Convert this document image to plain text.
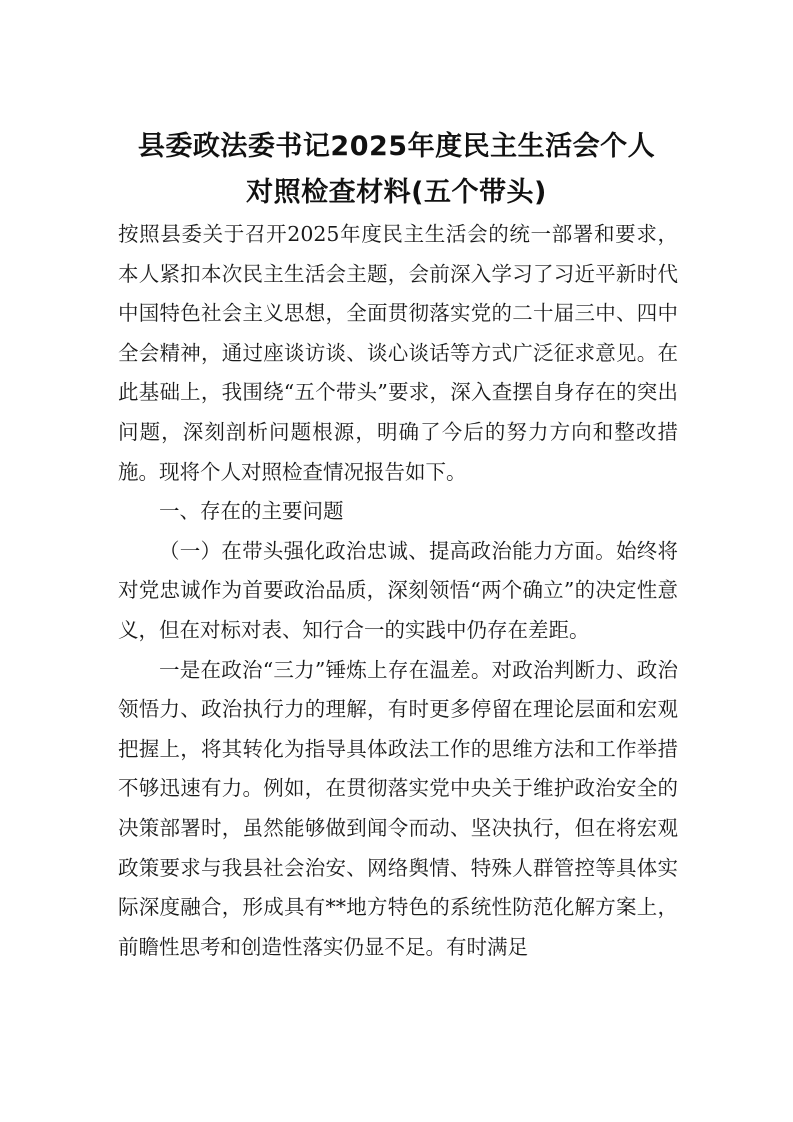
县委政法委书记2025年度民主生活会个人
对照检查材料(五个带头)

按照县委关于召开2025年度民主生活会的统一部署和要求，本人紧扣本次民主生活会主题，会前深入学习了习近平新时代中国特色社会主义思想，全面贯彻落实党的二十届三中、四中全会精神，通过座谈访谈、谈心谈话等方式广泛征求意见。在此基础上，我围绕“五个带头”要求，深入查摆自身存在的突出问题，深刻剖析问题根源，明确了今后的努力方向和整改措施。现将个人对照检查情况报告如下。

一、存在的主要问题

（一）在带头强化政治忠诚、提高政治能力方面。始终将对党忠诚作为首要政治品质，深刻领悟“两个确立”的决定性意义，但在对标对表、知行合一的实践中仍存在差距。

一是在政治“三力”锤炼上存在温差。对政治判断力、政治领悟力、政治执行力的理解，有时更多停留在理论层面和宏观把握上，将其转化为指导具体政法工作的思维方法和工作举措不够迅速有力。例如，在贯彻落实党中央关于维护政治安全的决策部署时，虽然能够做到闻令而动、坚决执行，但在将宏观政策要求与我县社会治安、网络舆情、特殊人群管控等具体实际深度融合，形成具有**地方特色的系统性防范化解方案上，前瞻性思考和创造性落实仍显不足。有时满足
